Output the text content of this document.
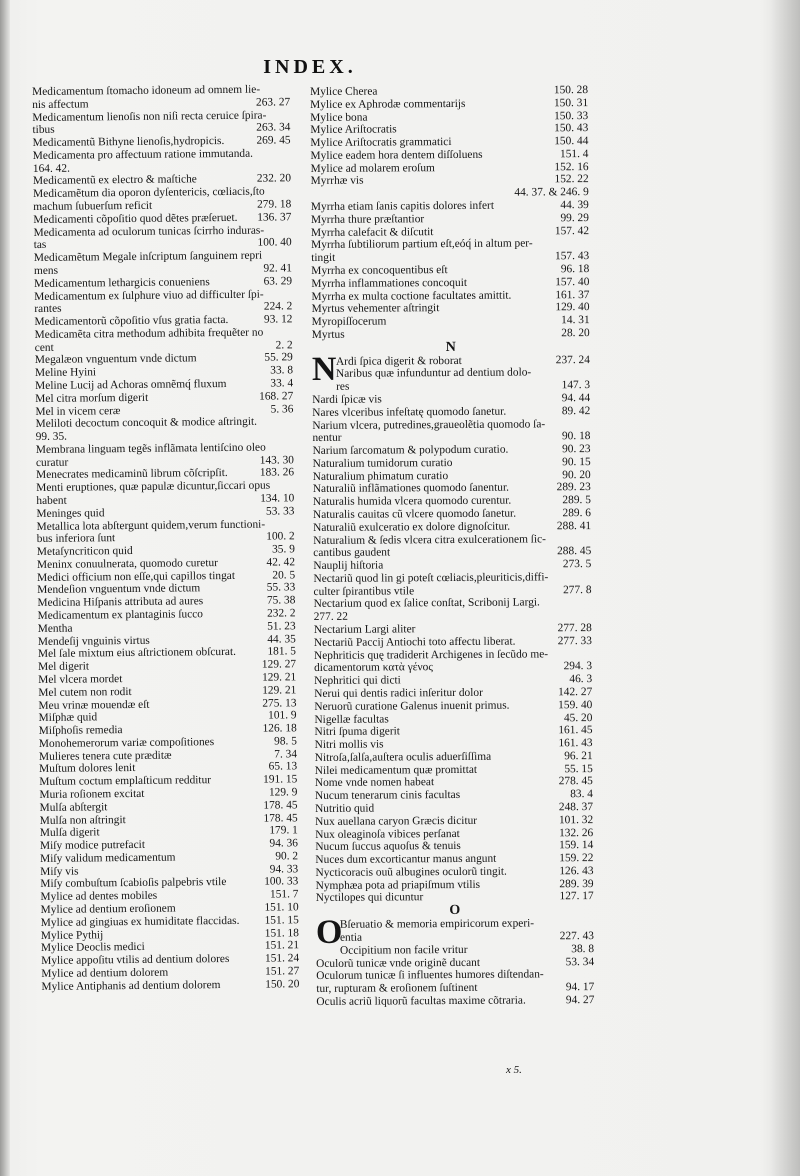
INDEX.
Medicamentum ſtomacho idoneum ad omnem lie-
nis affectum	263. 27
Medicamentum lienoſis non niſi recta ceruice ſpira-
tibus	263. 34
Medicamentũ Bithyne lienoſis,hydropicis.	269. 45
Medicamenta pro affectuum ratione immutanda.
164. 42.
Medicamentũ ex electro & maſtiche	232. 20
Medicamẽtum dia oporon dyſentericis, cœliacis,ſto
machum ſubuerſum reficit	279. 18
Medicamenti cõpoſitio quod dẽtes præſeruet.	136. 37
Medicamenta ad oculorum tunicas ſcirrho induras-
tas	100. 40
Medicamẽtum Megale inſcriptum ſanguinem repri
mens	92. 41
Medicamentum lethargicis conueniens	63. 29
Medicamentum ex ſulphure viuo ad difficulter ſpi-
rantes	224. 2
Medicamentorũ cõpoſitio vſus gratia facta.	93. 12
Medicamẽta citra methodum adhibita frequẽter no
cent	2. 2
Megalæon vnguentum vnde dictum	55. 29
Meline Hyini	33. 8
Meline Lucij ad Achoras omnẽmq́ fluxum	33. 4
Mel citra morſum digerit	168. 27
Mel in vicem ceræ	5. 36
Meliloti decoctum concoquit & modice aſtringit.
99. 35.
Membrana linguam tegẽs inflãmata lentiſcino oleo
curatur	143. 30
Menecrates medicaminũ librum cõſcripſit.	183. 26
Menti eruptiones, quæ papulæ dicuntur,ſiccari opus
habent	134. 10
Meninges quid	53. 33
Metallica lota abſtergunt quidem,verum functioni-
bus inferiora ſunt	100. 2
Metaſyncriticon quid	35. 9
Meninx conuulnerata, quomodo curetur	42. 42
Medici officium non eſſe,qui capillos tingat	20. 5
Mendeſion vnguentum vnde dictum	55. 33
Medicina Hiſpanis attributa ad aures	75. 38
Medicamentum ex plantaginis ſucco	232. 2
Mentha	51. 23
Mendeſij vnguinis virtus	44. 35
Mel ſale mixtum eius aſtrictionem obſcurat.	181. 5
Mel digerit	129. 27
Mel vlcera mordet	129. 21
Mel cutem non rodit	129. 21
Meu vrinæ mouendæ eſt	275. 13
Miſphæ quid	101. 9
Miſphoſis remedia	126. 18
Monohemerorum variæ compoſitiones	98. 5
Mulieres tenera cute præditæ	7. 34
Muſtum dolores lenit	65. 13
Muſtum coctum emplaſticum redditur	191. 15
Muria roſionem excitat	129. 9
Mulſa abſtergit	178. 45
Mulſa non aſtringit	178. 45
Mulſa digerit	179. 1
Miſy modice putrefacit	94. 36
Miſy validum medicamentum	90. 2
Miſy vis	94. 33
Miſy combuſtum ſcabioſis palpebris vtile	100. 33
Mylice ad dentes mobiles	151. 7
Mylice ad dentium eroſionem	151. 10
Mylice ad gingiuas ex humiditate flaccidas.	151. 15
Mylice Pythij	151. 18
Mylice Deoclis medici	151. 21
Mylice appoſitu vtilis ad dentium dolores	151. 24
Mylice ad dentium dolorem	151. 27
Mylice Antiphanis ad dentium dolorem	150. 20
Mylice Cherea	150. 28
Mylice ex Aphrodæ commentarijs	150. 31
Mylice bona	150. 33
Mylice Ariſtocratis	150. 43
Mylice Ariſtocratis grammatici	150. 44
Mylice eadem hora dentem diſſoluens	151. 4
Mylice ad molarem eroſum	152. 16
Myrrhæ vis	152. 22
44. 37. & 246. 9
Myrrha etiam ſanis capitis dolores infert	44. 39
Myrrha thure præſtantior	99. 29
Myrrha calefacit & diſcutit	157. 42
Myrrha ſubtiliorum partium eſt,eóq́ in altum per-
tingit	157. 43
Myrrha ex concoquentibus eſt	96. 18
Myrrha inflammationes concoquit	157. 40
Myrrha ex multa coctione facultates amittit.	161. 37
Myrtus vehementer aſtringit	129. 40
Myropiſſocerum	14. 31
Myrtus	28. 20
N
N Ardi ſpica digerit & roborat	237. 24
Naribus quæ infunduntur ad dentium dolo-
res	147. 3
Nardi ſpicæ vis	94. 44
Nares vlceribus infeſtatę quomodo ſanetur.	89. 42
Narium vlcera, putredines,graueolẽtia quomodo ſa-
nentur	90. 18
Narium ſarcomatum & polypodum curatio.	90. 23
Naturalium tumidorum curatio	90. 15
Naturalium phimatum curatio	90. 20
Naturaliũ inflãmationes quomodo ſanentur.	289. 23
Naturalis humida vlcera quomodo curentur.	289. 5
Naturalis cauitas cũ vlcere quomodo ſanetur.	289. 6
Naturaliũ exulceratio ex dolore dignoſcitur.	288. 41
Naturalium & ſedis vlcera citra exulcerationem ſic-
cantibus gaudent	288. 45
Nauplij hiſtoria	273. 5
Nectariũ quod lin gi poteſt cœliacis,pleuriticis,diffi-
culter ſpirantibus vtile	277. 8
Nectarium quod ex ſalice conſtat, Scribonij Largi.
277. 22
Nectarium Largi aliter	277. 28
Nectariũ Paccij Antiochi toto affectu liberat.	277. 33
Nephriticis quę tradiderit Archigenes in ſecũdo me-
dicamentorum κατὰ γένος	294. 3
Nephritici qui dicti	46. 3
Nerui qui dentis radici inſeritur dolor	142. 27
Neruorũ curatione Galenus inuenit primus.	159. 40
Nigellæ facultas	45. 20
Nitri ſpuma digerit	161. 45
Nitri mollis vis	161. 43
Nitroſa,ſalſa,auſtera oculis aduerſiſſima	96. 21
Nilei medicamentum quæ promittat	55. 15
Nome vnde nomen habeat	278. 45
Nucum tenerarum cinis facultas	83. 4
Nutritio quid	248. 37
Nux auellana caryon Græcis dicitur	101. 32
Nux oleaginoſa vibices perſanat	132. 26
Nucum ſuccus aquoſus & tenuis	159. 14
Nuces dum excorticantur manus angunt	159. 22
Nycticoracis ouũ albugines oculorũ tingit.	126. 43
Nymphæa pota ad priapiſmum vtilis	289. 39
Nyctilopes qui dicuntur	127. 17
O
O
Bſeruatio & memoria empiricorum experi-
entia	227. 43
Occipitium non facile vritur	38. 8
Oculorũ tunicæ vnde originẽ ducant	53. 34
Oculorum tunicæ ſi influentes humores diſtendan-
tur, rupturam & eroſionem ſuſtinent	94. 17
Oculis acriũ liquorũ facultas maxime cõtraria.	94. 27
x 5.
